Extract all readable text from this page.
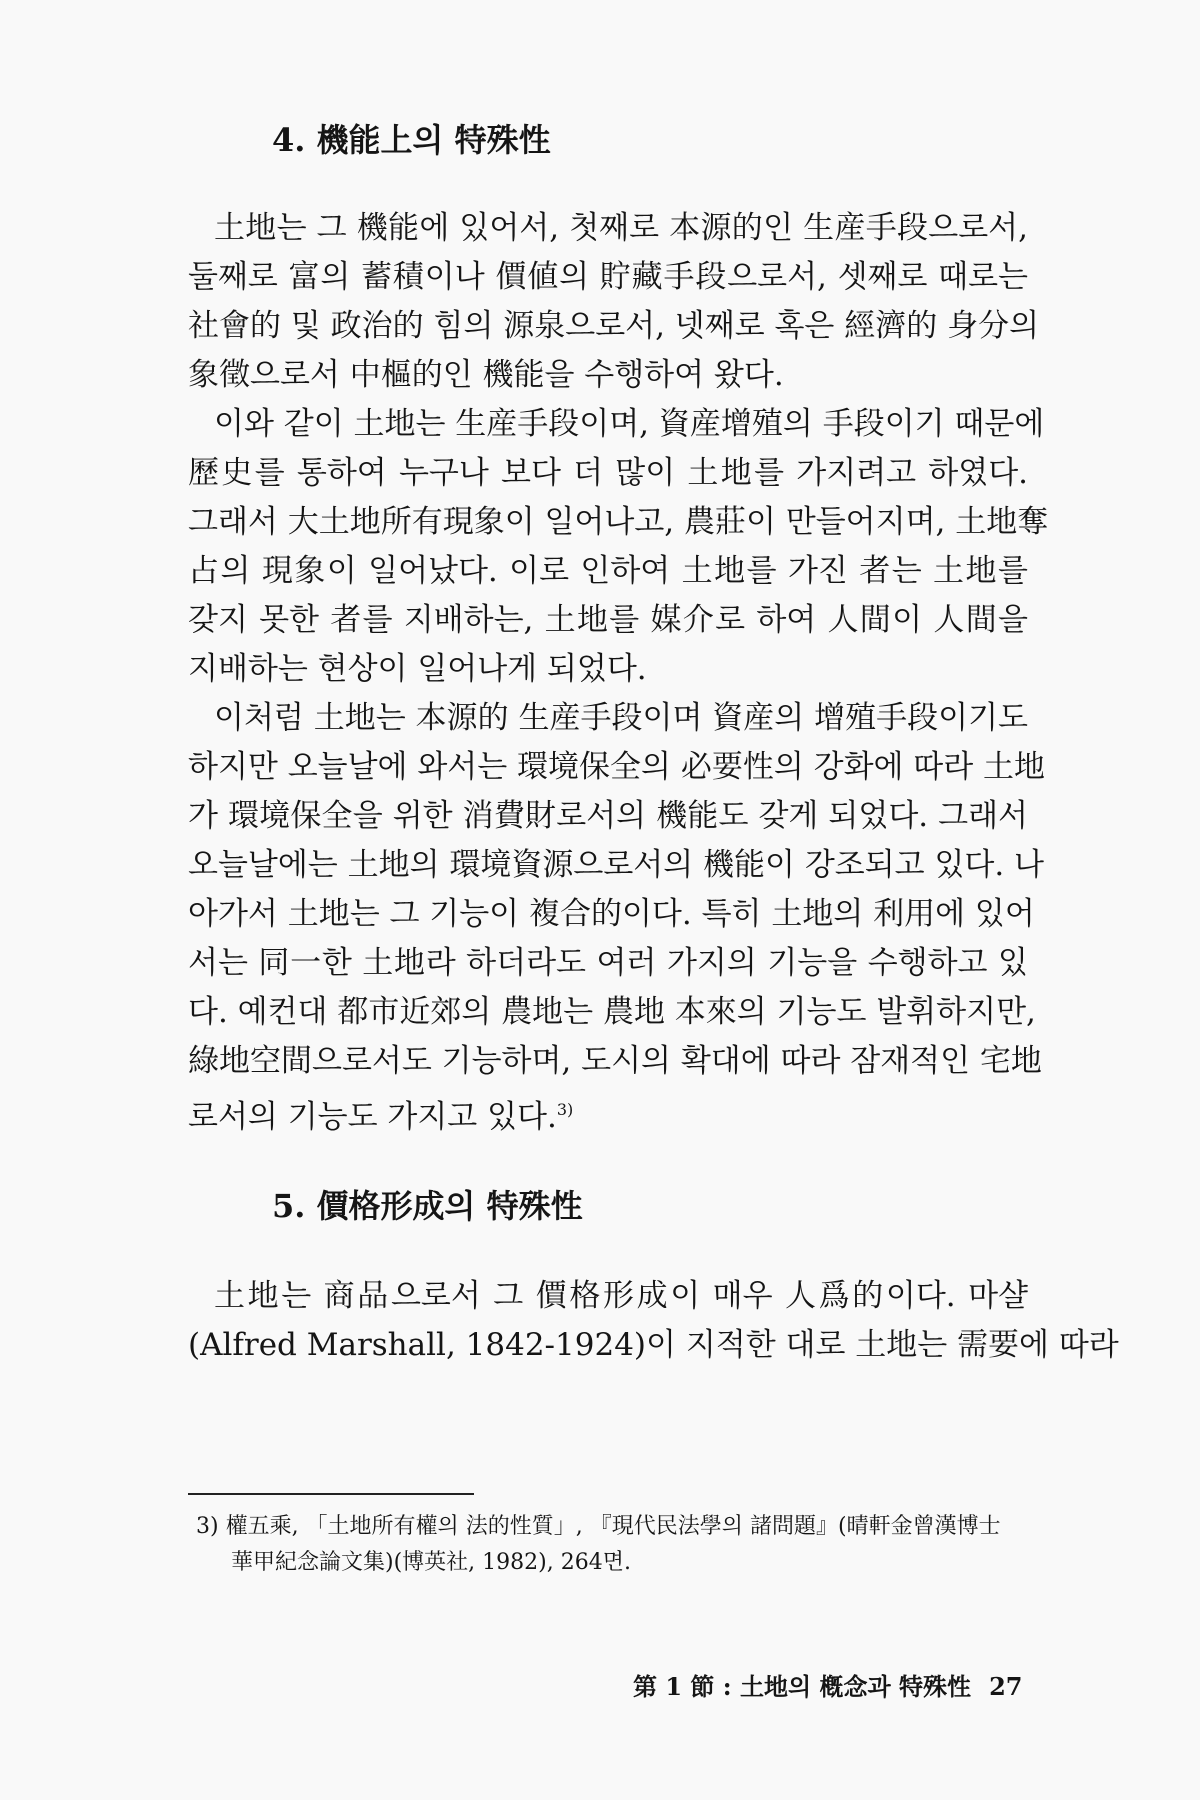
4. 機能上의 特殊性
土地는 그 機能에 있어서, 첫째로 本源的인 生産手段으로서,
둘째로 富의 蓄積이나 價値의 貯藏手段으로서, 셋째로 때로는
社會的 및 政治的 힘의 源泉으로서, 넷째로 혹은 經濟的 身分의
象徵으로서 中樞的인 機能을 수행하여 왔다.
이와 같이 土地는 生産手段이며, 資産增殖의 手段이기 때문에
歷史를 통하여 누구나 보다 더 많이 土地를 가지려고 하였다.
그래서 大土地所有現象이 일어나고, 農莊이 만들어지며, 土地奪
占의 現象이 일어났다. 이로 인하여 土地를 가진 者는 土地를
갖지 못한 者를 지배하는, 土地를 媒介로 하여 人間이 人間을
지배하는 현상이 일어나게 되었다.
이처럼 土地는 本源的 生産手段이며 資産의 增殖手段이기도
하지만 오늘날에 와서는 環境保全의 必要性의 강화에 따라 土地
가 環境保全을 위한 消費財로서의 機能도 갖게 되었다. 그래서
오늘날에는 土地의 環境資源으로서의 機能이 강조되고 있다. 나
아가서 土地는 그 기능이 複合的이다. 특히 土地의 利用에 있어
서는 同一한 土地라 하더라도 여러 가지의 기능을 수행하고 있
다. 예컨대 都市近郊의 農地는 農地 本來의 기능도 발휘하지만,
綠地空間으로서도 기능하며, 도시의 확대에 따라 잠재적인 宅地
로서의 기능도 가지고 있다.$^{3)}$
5. 價格形成의 特殊性
土地는 商品으로서 그 價格形成이 매우 人爲的이다. 마샬
(Alfred Marshall, 1842-1924)이 지적한 대로 土地는 需要에 따라
3) 權五乘, 「土地所有權의 法的性質」, 『現代民法學의 諸問題』(晴軒金曾漢博士
華甲紀念論文集)(博英社, 1982), 264면.
第 1 節 : 土地의 槪念과 特殊性 27
